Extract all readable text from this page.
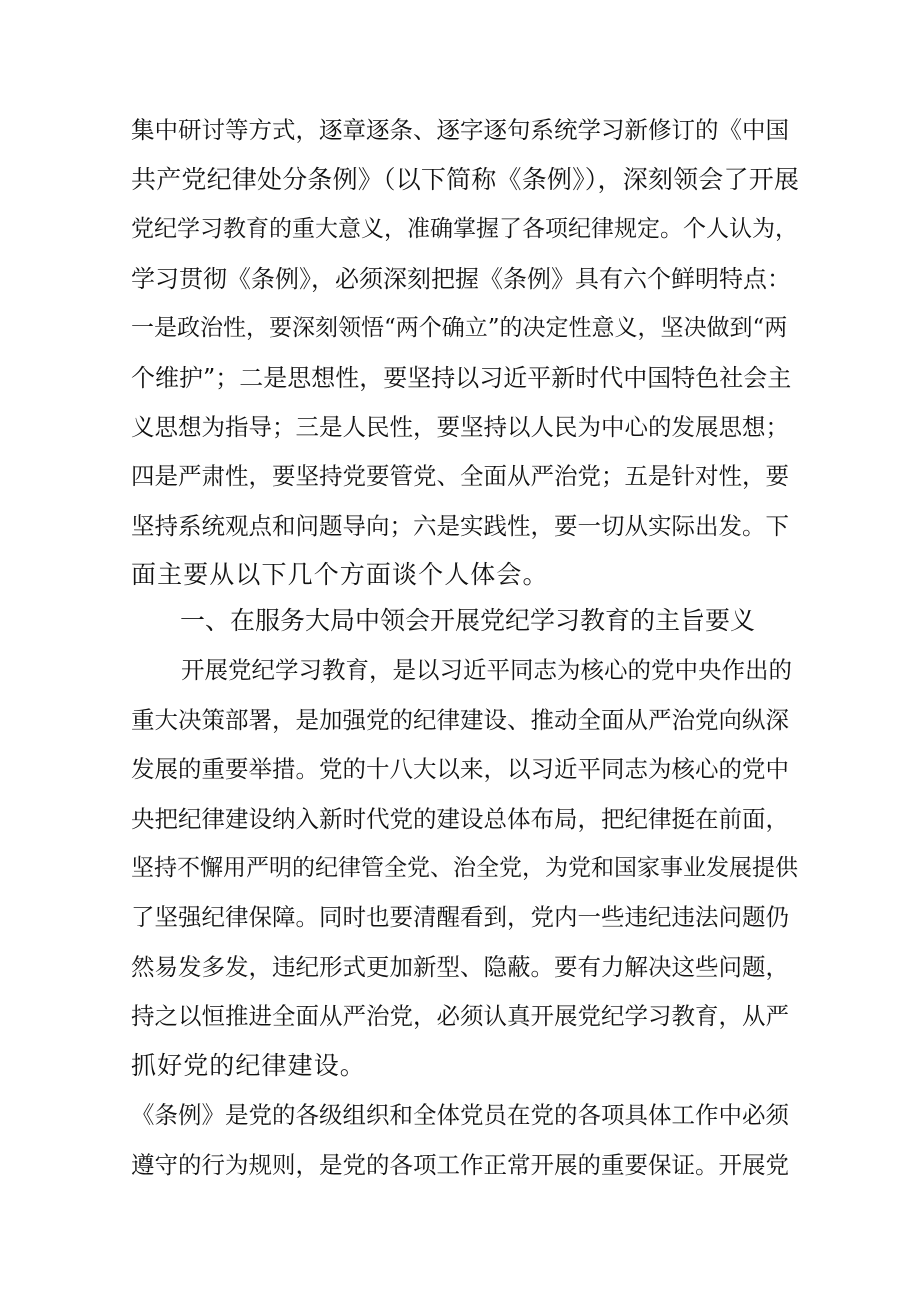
集中研讨等方式，逐章逐条、逐字逐句系统学习新修订的《中国
共产党纪律处分条例》（以下简称《条例》），深刻领会了开展
党纪学习教育的重大意义，准确掌握了各项纪律规定。个人认为，
学习贯彻《条例》，必须深刻把握《条例》具有六个鲜明特点：
一是政治性，要深刻领悟“两个确立”的决定性意义，坚决做到“两
个维护”；二是思想性，要坚持以习近平新时代中国特色社会主
义思想为指导；三是人民性，要坚持以人民为中心的发展思想；
四是严肃性，要坚持党要管党、全面从严治党；五是针对性，要
坚持系统观点和问题导向；六是实践性，要一切从实际出发。下
面主要从以下几个方面谈个人体会。
一、在服务大局中领会开展党纪学习教育的主旨要义
开展党纪学习教育，是以习近平同志为核心的党中央作出的
重大决策部署，是加强党的纪律建设、推动全面从严治党向纵深
发展的重要举措。党的十八大以来，以习近平同志为核心的党中
央把纪律建设纳入新时代党的建设总体布局，把纪律挺在前面，
坚持不懈用严明的纪律管全党、治全党，为党和国家事业发展提供
了坚强纪律保障。同时也要清醒看到，党内一些违纪违法问题仍
然易发多发，违纪形式更加新型、隐蔽。要有力解决这些问题，
持之以恒推进全面从严治党，必须认真开展党纪学习教育，从严
抓好党的纪律建设。
《条例》是党的各级组织和全体党员在党的各项具体工作中必须
遵守的行为规则，是党的各项工作正常开展的重要保证。开展党
